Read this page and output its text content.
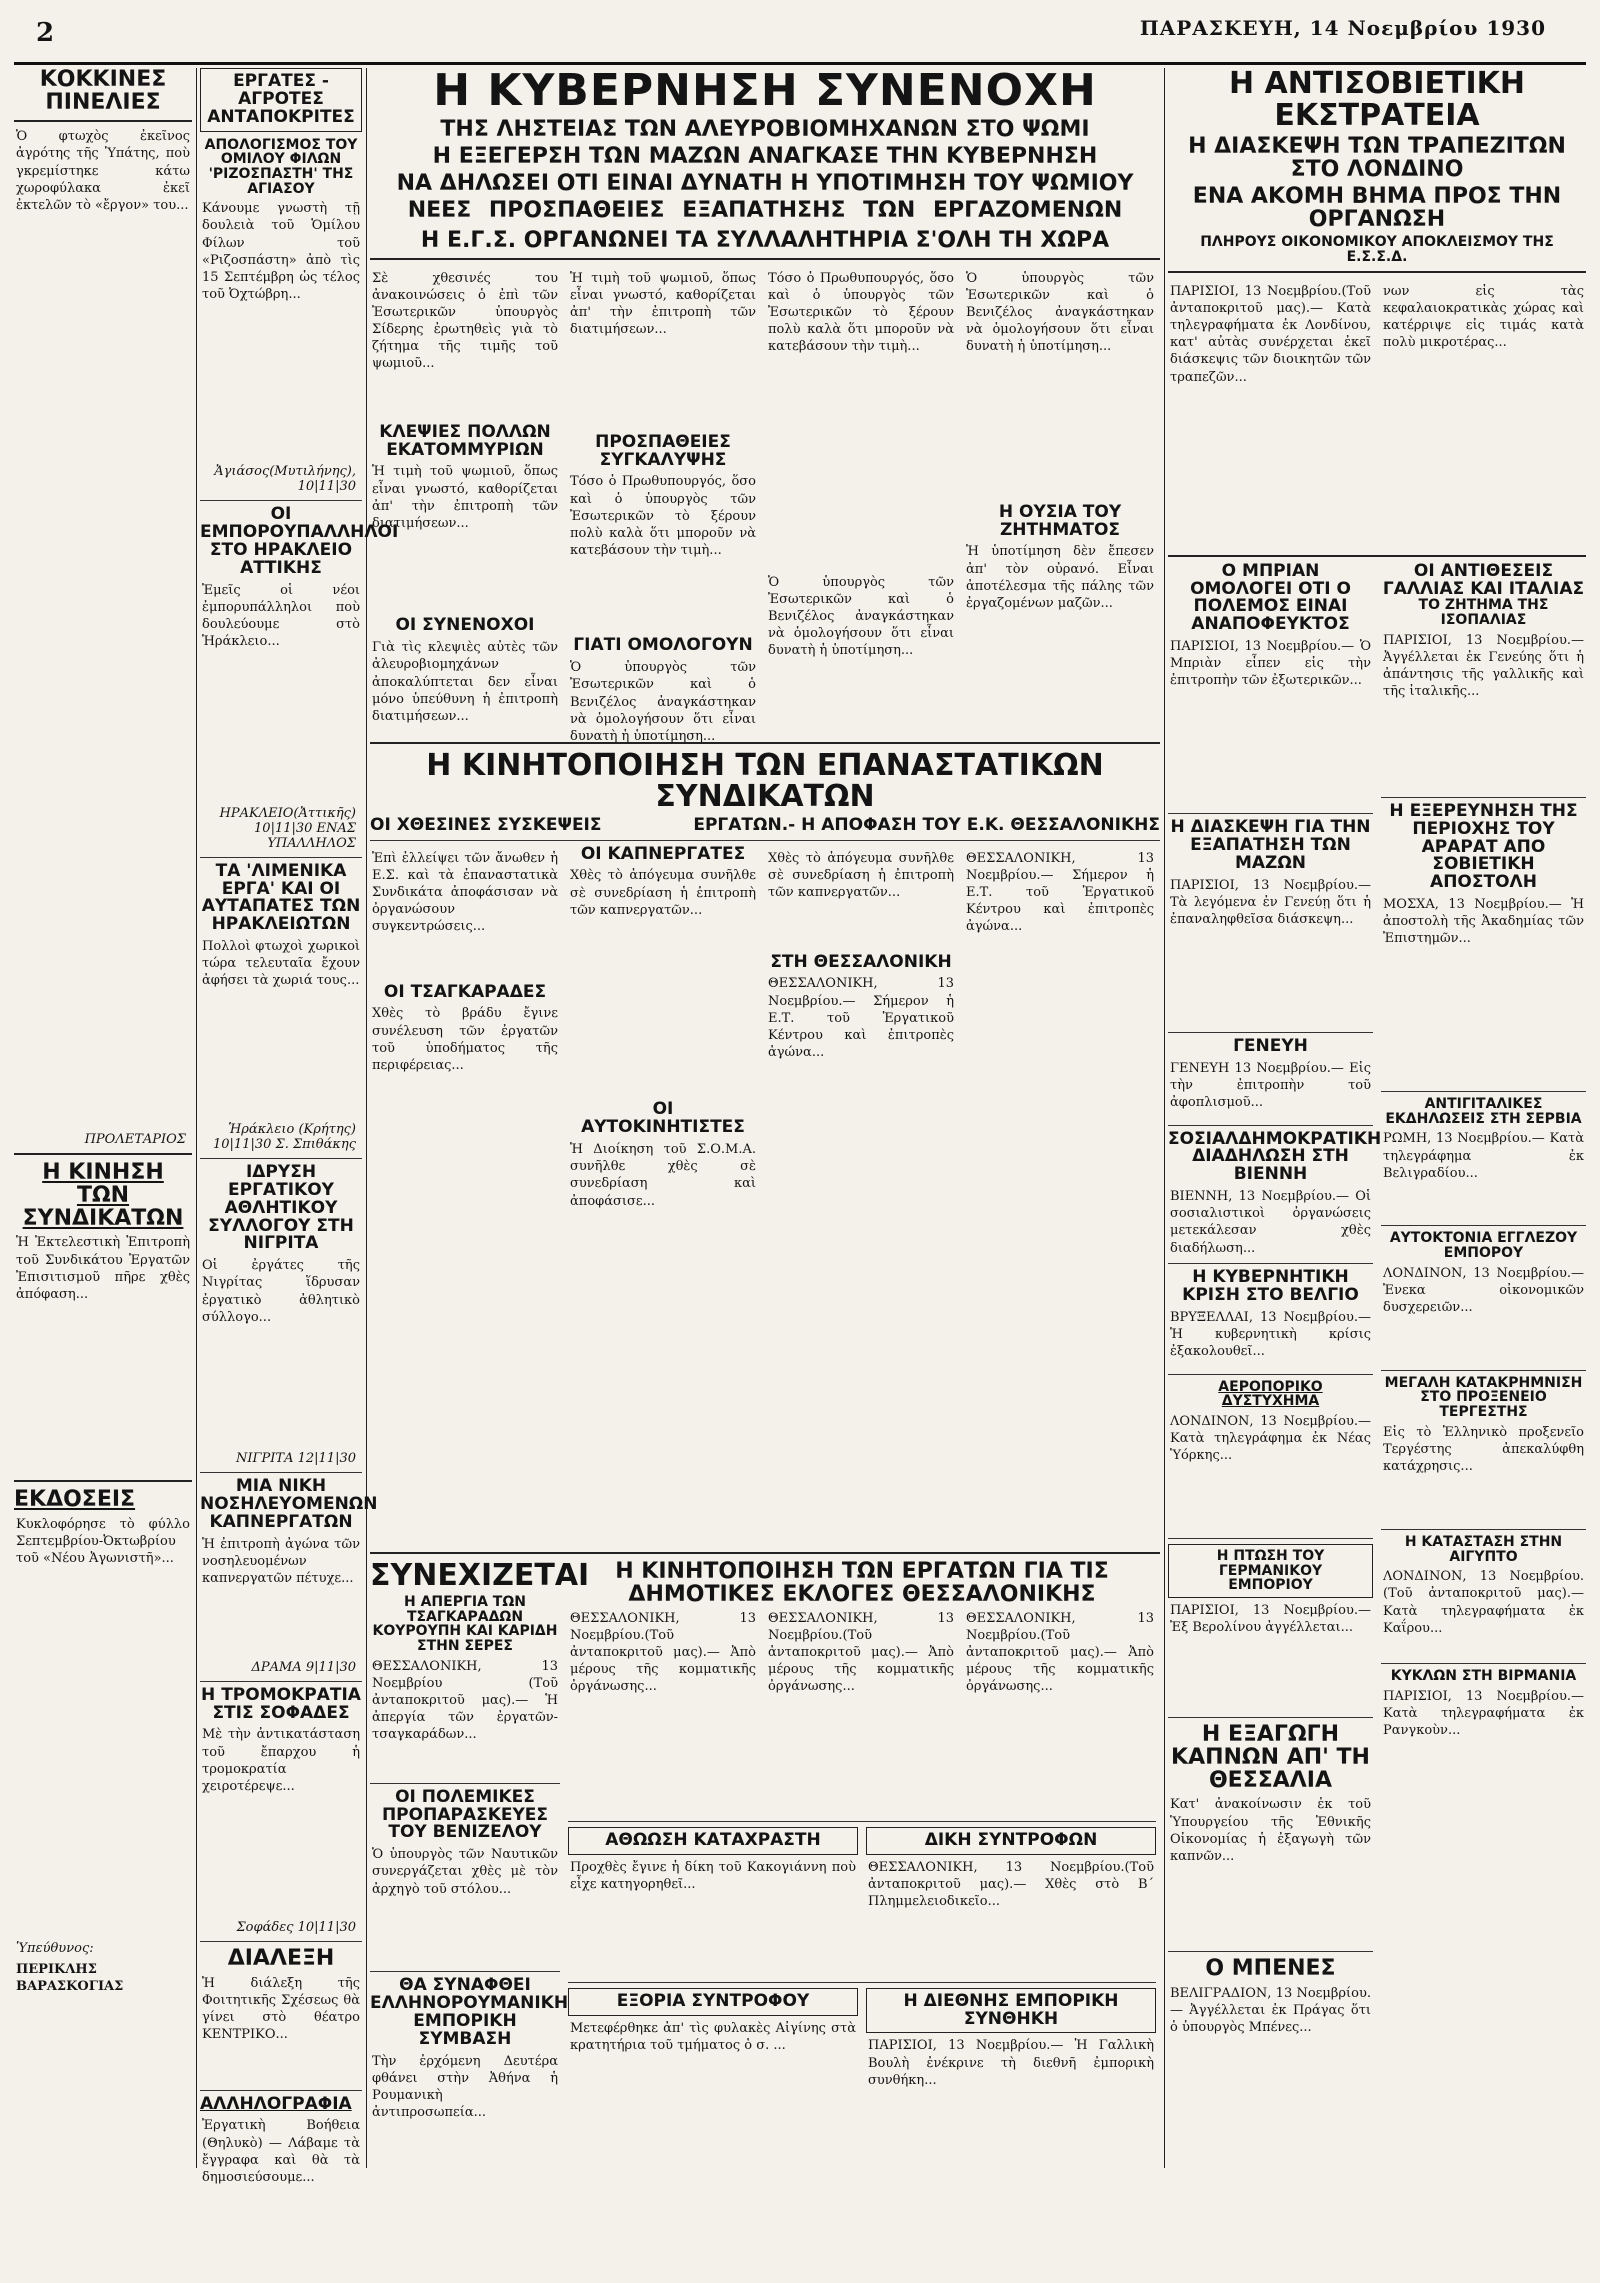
2	ΠΑΡΑΣΚΕΥΗ, 14 Νοεμβρίου 1930
ΚΟΚΚΙΝΕΣ ΠΙΝΕΛΙΕΣ

Ὁ φτωχὸς ἐκεῖνος ἀγρότης τῆς Ὑπάτης, ποὺ γκρεμίστηκε κάτω χωροφύλακα ἐκεῖ ἐκτελῶν τὸ «ἔργον» του...

ΠΡΟΛΕΤΑΡΙΟΣ
Η ΚΙΝΗΣΗ ΤΩΝ ΣΥΝΔΙΚΑΤΩΝ

Ἡ Ἐκτελεστικὴ Ἐπιτροπὴ τοῦ Συνδικάτου Ἐργατῶν Ἐπισιτισμοῦ πῆρε χθὲς ἀπόφαση...

ΕΚΔΟΣΕΙΣ

Κυκλοφόρησε τὸ φύλλο Σεπτεμβρίου-Ὀκτωβρίου τοῦ «Νέου Ἀγωνιστῆ»...

Ὑπεύθυνος:
ΠΕΡΙΚΛΗΣ ΒΑΡΑΣΚΟΓΙΑΣ
ΕΡΓΑΤΕΣ - ΑΓΡΟΤΕΣ ΑΝΤΑΠΟΚΡΙΤΕΣ
ΑΠΟΛΟΓΙΣΜΟΣ ΤΟΥ ΟΜΙΛΟΥ ΦΙΛΩΝ 'ΡΙΖΟΣΠΑΣΤΗ' ΤΗΣ ΑΓΙΑΣΟΥ

Κάνουμε γνωστὴ τῇ δουλειὰ τοῦ Ὁμίλου Φίλων τοῦ «Ριζοσπάστη» ἀπὸ τὶς 15 Σεπτέμβρη ὡς τέλος τοῦ Ὀχτώβρη...

Ἀγιάσος(Μυτιλήνης), 10|11|30
ΟΙ ΕΜΠΟΡΟΥΠΑΛΛΗΛΟΙ ΣΤΟ ΗΡΑΚΛΕΙΟ ΑΤΤΙΚΗΣ

Ἐμεῖς οἱ νέοι ἐμπορυπάλληλοι ποὺ δουλεύουμε στὸ Ἡράκλειο...

ΗΡΑΚΛΕΙΟ(Ἀττικῆς) 10|11|30 ΕΝΑΣ ΥΠΑΛΛΗΛΟΣ
ΤΑ 'ΛΙΜΕΝΙΚΑ ΕΡΓΑ' ΚΑΙ ΟΙ ΑΥΤΑΠΑΤΕΣ ΤΩΝ ΗΡΑΚΛΕΙΩΤΩΝ

Πολλοὶ φτωχοὶ χωρικοὶ τώρα τελευταῖα ἔχουν ἀφήσει τὰ χωριά τους...

Ἡράκλειο (Κρήτης) 10|11|30 Σ. Σπιθάκης
ΙΔΡΥΣΗ ΕΡΓΑΤΙΚΟΥ ΑΘΛΗΤΙΚΟΥ ΣΥΛΛΟΓΟΥ ΣΤΗ ΝΙΓΡΙΤΑ

Οἱ ἐργάτες τῆς Νιγρίτας ἵδρυσαν ἐργατικὸ ἀθλητικὸ σύλλογο...

ΝΙΓΡΙΤΑ 12|11|30
ΜΙΑ ΝΙΚΗ ΝΟΣΗΛΕΥΟΜΕΝΩΝ ΚΑΠΝΕΡΓΑΤΩΝ

Ἡ ἐπιτροπὴ ἀγώνα τῶν νοσηλευομένων καπνεργατῶν πέτυχε...

ΔΡΑΜΑ 9|11|30
Η ΤΡΟΜΟΚΡΑΤΙΑ ΣΤΙΣ ΣΟΦΑΔΕΣ

Μὲ τὴν ἀντικατάσταση τοῦ ἔπαρχου ἡ τρομοκρατία χειροτέρεψε...

Σοφάδες 10|11|30
ΔΙΑΛΕΞΗ

Ἡ διάλεξη τῆς Φοιτητικῆς Σχέσεως θὰ γίνει στὸ θέατρο ΚΕΝΤΡΙΚΟ...

ΑΛΛΗΛΟΓΡΑΦΙΑ

Ἐργατικὴ Βοήθεια (Θηλυκὸ) — Λάβαμε τὰ ἔγγραφα καὶ θὰ τὰ δημοσιεύσουμε...

Η ΚΥΒΕΡΝΗΣΗ ΣΥΝΕΝΟΧΗ
ΤΗΣ ΛΗΣΤΕΙΑΣ ΤΩΝ ΑΛΕΥΡΟΒΙΟΜΗΧΑΝΩΝ ΣΤΟ ΨΩΜΙ
Η ΕΞΕΓΕΡΣΗ ΤΩΝ ΜΑΖΩΝ ΑΝΑΓΚΑΣΕ ΤΗΝ ΚΥΒΕΡΝΗΣΗ
ΝΑ ΔΗΛΩΣΕΙ ΟΤΙ ΕΙΝΑΙ ΔΥΝΑΤΗ Η ΥΠΟΤΙΜΗΣΗ ΤΟΥ ΨΩΜΙΟΥ
ΝΕΕΣ ΠΡΟΣΠΑΘΕΙΕΣ ΕΞΑΠΑΤΗΣΗΣ ΤΩΝ ΕΡΓΑΖΟΜΕΝΩΝ
Η Ε.Γ.Σ. ΟΡΓΑΝΩΝΕΙ ΤΑ ΣΥΛΛΑΛΗΤΗΡΙΑ Σ'ΟΛΗ ΤΗ ΧΩΡΑ

Σὲ χθεσινές του ἀνακοινώσεις ὁ ἐπὶ τῶν Ἐσωτερικῶν ὑπουργὸς Σίδερης ἐρωτηθεὶς γιὰ τὸ ζήτημα τῆς τιμῆς τοῦ ψωμιοῦ...

ΚΛΕΨΙΕΣ ΠΟΛΛΩΝ ΕΚΑΤΟΜΜΥΡΙΩΝ

Ἡ τιμὴ τοῦ ψωμιοῦ, ὅπως εἶναι γνωστό, καθορίζεται ἀπ' τὴν ἐπιτροπὴ τῶν διατιμήσεων...

ΟΙ ΣΥΝΕΝΟΧΟΙ

Γιὰ τὶς κλεψιὲς αὐτὲς τῶν ἀλευροβιομηχάνων ἀποκαλύπτεται δεν εἶναι μόνο ὑπεύθυνη ἡ ἐπιτροπὴ διατιμήσεων...

Ἡ τιμὴ τοῦ ψωμιοῦ, ὅπως εἶναι γνωστό, καθορίζεται ἀπ' τὴν ἐπιτροπὴ τῶν διατιμήσεων...

ΠΡΟΣΠΑΘΕΙΕΣ ΣΥΓΚΑΛΥΨΗΣ

Τόσο ὁ Πρωθυπουργός, ὅσο καὶ ὁ ὑπουργὸς τῶν Ἐσωτερικῶν τὸ ξέρουν πολὺ καλὰ ὅτι μποροῦν νὰ κατεβάσουν τὴν τιμὴ...

ΓΙΑΤΙ ΟΜΟΛΟΓΟΥΝ

Ὁ ὑπουργὸς τῶν Ἐσωτερικῶν καὶ ὁ Βενιζέλος ἀναγκάστηκαν νὰ ὁμολογήσουν ὅτι εἶναι δυνατὴ ἡ ὑποτίμηση...

Τόσο ὁ Πρωθυπουργός, ὅσο καὶ ὁ ὑπουργὸς τῶν Ἐσωτερικῶν τὸ ξέρουν πολὺ καλὰ ὅτι μποροῦν νὰ κατεβάσουν τὴν τιμὴ...

Ὁ ὑπουργὸς τῶν Ἐσωτερικῶν καὶ ὁ Βενιζέλος ἀναγκάστηκαν νὰ ὁμολογήσουν ὅτι εἶναι δυνατὴ ἡ ὑποτίμηση...

Ὁ ὑπουργὸς τῶν Ἐσωτερικῶν καὶ ὁ Βενιζέλος ἀναγκάστηκαν νὰ ὁμολογήσουν ὅτι εἶναι δυνατὴ ἡ ὑποτίμηση...

Η ΟΥΣΙΑ ΤΟΥ ΖΗΤΗΜΑΤΟΣ

Ἡ ὑποτίμηση δὲν ἔπεσεν ἀπ' τὸν οὐρανό. Εἶναι ἀποτέλεσμα τῆς πάλης τῶν ἐργαζομένων μαζῶν...

Η ΚΙΝΗΤΟΠΟΙΗΣΗ ΤΩΝ ΕΠΑΝΑΣΤΑΤΙΚΩΝ ΣΥΝΔΙΚΑΤΩΝ
ΟΙ ΧΘΕΣΙΝΕΣ ΣΥΣΚΕΨΕΙΣ	ΕΡΓΑΤΩΝ.- Η ΑΠΟΦΑΣΗ ΤΟΥ Ε.Κ. ΘΕΣΣΑΛΟΝΙΚΗΣ

Ἐπὶ ἐλλείψει τῶν ἄνωθεν ἡ Ε.Σ. καὶ τὰ ἐπαναστατικὰ Συνδικάτα ἀποφάσισαν νὰ ὀργανώσουν συγκεντρώσεις...

ΟΙ ΤΣΑΓΚΑΡΑΔΕΣ

Χθὲς τὸ βράδυ ἔγινε συνέλευση τῶν ἐργατῶν τοῦ ὑποδήματος τῆς περιφέρειας...

ΟΙ ΚΑΠΝΕΡΓΑΤΕΣ

Χθὲς τὸ ἀπόγευμα συνῆλθε σὲ συνεδρίαση ἡ ἐπιτροπὴ τῶν καπνεργατῶν...

ΟΙ ΑΥΤΟΚΙΝΗΤΙΣΤΕΣ

Ἡ Διοίκηση τοῦ Σ.Ο.Μ.Α. συνῆλθε χθὲς σὲ συνεδρίαση καὶ ἀποφάσισε...

Χθὲς τὸ ἀπόγευμα συνῆλθε σὲ συνεδρίαση ἡ ἐπιτροπὴ τῶν καπνεργατῶν...

ΣΤΗ ΘΕΣΣΑΛΟΝΙΚΗ

ΘΕΣΣΑΛΟΝΙΚΗ, 13 Νοεμβρίου.— Σήμερον ἡ Ε.Τ. τοῦ Ἐργατικοῦ Κέντρου καὶ ἐπιτροπὲς ἀγώνα...

ΘΕΣΣΑΛΟΝΙΚΗ, 13 Νοεμβρίου.— Σήμερον ἡ Ε.Τ. τοῦ Ἐργατικοῦ Κέντρου καὶ ἐπιτροπὲς ἀγώνα...

ΣΥΝΕΧΙΖΕΤΑΙ
Η ΑΠΕΡΓΙΑ ΤΩΝ ΤΣΑΓΚΑΡΑΔΩΝ ΚΟΥΡΟΥΠΗ ΚΑΙ ΚΑΡΙΔΗ ΣΤΗΝ ΣΕΡΕΣ

ΘΕΣΣΑΛΟΝΙΚΗ, 13 Νοεμβρίου (Τοῦ ἀνταποκριτοῦ μας).— Ἡ ἀπεργία τῶν ἐργατῶν-τσαγκαράδων...

ΟΙ ΠΟΛΕΜΙΚΕΣ ΠΡΟΠΑΡΑΣΚΕΥΕΣ ΤΟΥ ΒΕΝΙΖΕΛΟΥ

Ὁ ὑπουργὸς τῶν Ναυτικῶν συνεργάζεται χθὲς μὲ τὸν ἀρχηγὸ τοῦ στόλου...

ΘΑ ΣΥΝΑΦΘΕΙ ΕΛΛΗΝΟΡΟΥΜΑΝΙΚΗ ΕΜΠΟΡΙΚΗ ΣΥΜΒΑΣΗ

Τὴν ἐρχόμενη Δευτέρα φθάνει στὴν Ἀθήνα ἡ Ρουμανικὴ ἀντιπροσωπεία...

Η ΚΙΝΗΤΟΠΟΙΗΣΗ ΤΩΝ ΕΡΓΑΤΩΝ ΓΙΑ ΤΙΣ ΔΗΜΟΤΙΚΕΣ ΕΚΛΟΓΕΣ ΘΕΣΣΑΛΟΝΙΚΗΣ

ΘΕΣΣΑΛΟΝΙΚΗ, 13 Νοεμβρίου.(Τοῦ ἀνταποκριτοῦ μας).— Ἀπὸ μέρους τῆς κομματικῆς ὀργάνωσης...

ΘΕΣΣΑΛΟΝΙΚΗ, 13 Νοεμβρίου.(Τοῦ ἀνταποκριτοῦ μας).— Ἀπὸ μέρους τῆς κομματικῆς ὀργάνωσης...

ΘΕΣΣΑΛΟΝΙΚΗ, 13 Νοεμβρίου.(Τοῦ ἀνταποκριτοῦ μας).— Ἀπὸ μέρους τῆς κομματικῆς ὀργάνωσης...

ΑΘΩΩΣΗ ΚΑΤΑΧΡΑΣΤΗ

Προχθὲς ἔγινε ἡ δίκη τοῦ Κακογιάννη ποὺ εἶχε κατηγορηθεῖ...

ΔΙΚΗ ΣΥΝΤΡΟΦΩΝ

ΘΕΣΣΑΛΟΝΙΚΗ, 13 Νοεμβρίου.(Τοῦ ἀνταποκριτοῦ μας).— Χθὲς στὸ Β΄ Πλημμελειοδικεῖο...

ΕΞΟΡΙΑ ΣΥΝΤΡΟΦΟΥ

Μετεφέρθηκε ἀπ' τὶς φυλακὲς Αἰγίνης στὰ κρατητήρια τοῦ τμήματος ὁ σ. ...

Η ΔΙΕΘΝΗΣ ΕΜΠΟΡΙΚΗ ΣΥΝΘΗΚΗ

ΠΑΡΙΣΙΟΙ, 13 Νοεμβρίου.— Ἡ Γαλλικὴ Βουλὴ ἐνέκρινε τὴ διεθνῆ ἐμπορικὴ συνθήκη...

Η ΑΝΤΙΣΟΒΙΕΤΙΚΗ ΕΚΣΤΡΑΤΕΙΑ
Η ΔΙΑΣΚΕΨΗ ΤΩΝ ΤΡΑΠΕΖΙΤΩΝ ΣΤΟ ΛΟΝΔΙΝΟ
ΕΝΑ ΑΚΟΜΗ ΒΗΜΑ ΠΡΟΣ ΤΗΝ ΟΡΓΑΝΩΣΗ
ΠΛΗΡΟΥΣ ΟΙΚΟΝΟΜΙΚΟΥ ΑΠΟΚΛΕΙΣΜΟΥ ΤΗΣ Ε.Σ.Σ.Δ.

ΠΑΡΙΣΙΟΙ, 13 Νοεμβρίου.(Τοῦ ἀνταποκριτοῦ μας).— Κατὰ τηλεγραφήματα ἐκ Λονδίνου, κατ' αὐτὰς συνέρχεται ἐκεῖ διάσκεψις τῶν διοικητῶν τῶν τραπεζῶν...

νων εἰς τὰς κεφαλαιοκρατικὰς χώρας καὶ κατέρριψε εἰς τιμάς κατὰ πολὺ μικροτέρας...

Ο ΜΠΡΙΑΝ ΟΜΟΛΟΓΕΙ ΟΤΙ Ο ΠΟΛΕΜΟΣ ΕΙΝΑΙ ΑΝΑΠΟΦΕΥΚΤΟΣ

ΠΑΡΙΣΙΟΙ, 13 Νοεμβρίου.— Ὁ Μπριὰν εἶπεν εἰς τὴν ἐπιτροπὴν τῶν ἐξωτερικῶν...

Η ΔΙΑΣΚΕΨΗ ΓΙΑ ΤΗΝ ΕΞΑΠΑΤΗΣΗ ΤΩΝ ΜΑΖΩΝ

ΠΑΡΙΣΙΟΙ, 13 Νοεμβρίου.— Τὰ λεγόμενα ἐν Γενεύῃ ὅτι ἡ ἐπαναληφθεῖσα διάσκεψη...

ΓΕΝΕΥΗ

ΓΕΝΕΥΗ 13 Νοεμβρίου.— Εἰς τὴν ἐπιτροπὴν τοῦ ἀφοπλισμοῦ...

ΣΟΣΙΑΛΔΗΜΟΚΡΑΤΙΚΗ ΔΙΑΔΗΛΩΣΗ ΣΤΗ ΒΙΕΝΝΗ

ΒΙΕΝΝΗ, 13 Νοεμβρίου.— Οἱ σοσιαλιστικοὶ ὀργανώσεις μετεκάλεσαν χθὲς διαδήλωση...

Η ΚΥΒΕΡΝΗΤΙΚΗ ΚΡΙΣΗ ΣΤΟ ΒΕΛΓΙΟ

ΒΡΥΞΕΛΛΑΙ, 13 Νοεμβρίου.— Ἡ κυβερνητικὴ κρίσις ἐξακολουθεῖ...

ΑΕΡΟΠΟΡΙΚΟ ΔΥΣΤΥΧΗΜΑ

ΛΟΝΔΙΝΟΝ, 13 Νοεμβρίου.— Κατὰ τηλεγράφημα ἐκ Νέας Ὑόρκης...

Η ΠΤΩΣΗ ΤΟΥ ΓΕΡΜΑΝΙΚΟΥ ΕΜΠΟΡΙΟΥ

ΠΑΡΙΣΙΟΙ, 13 Νοεμβρίου.— Ἐξ Βερολίνου ἀγγέλλεται...

Η ΕΞΑΓΩΓΗ ΚΑΠΝΩΝ ΑΠ' ΤΗ ΘΕΣΣΑΛΙΑ

Κατ' ἀνακοίνωσιν ἐκ τοῦ Ὑπουργείου τῆς Ἐθνικῆς Οἰκονομίας ἡ ἐξαγωγὴ τῶν καπνῶν...

Ο ΜΠΕΝΕΣ

ΒΕΛΙΓΡΑΔΙΟΝ, 13 Νοεμβρίου.— Ἀγγέλλεται ἐκ Πράγας ὅτι ὁ ὑπουργὸς Μπένες...

ΟΙ ΑΝΤΙΘΕΣΕΙΣ ΓΑΛΛΙΑΣ ΚΑΙ ΙΤΑΛΙΑΣ
ΤΟ ΖΗΤΗΜΑ ΤΗΣ ΙΣΟΠΑΛΙΑΣ

ΠΑΡΙΣΙΟΙ, 13 Νοεμβρίου.— Ἀγγέλλεται ἐκ Γενεύης ὅτι ἡ ἀπάντησις τῆς γαλλικῆς καὶ τῆς ἰταλικῆς...

Η ΕΞΕΡΕΥΝΗΣΗ ΤΗΣ ΠΕΡΙΟΧΗΣ ΤΟΥ ΑΡΑΡΑΤ ΑΠΟ ΣΟΒΙΕΤΙΚΗ ΑΠΟΣΤΟΛΗ

ΜΟΣΧΑ, 13 Νοεμβρίου.— Ἡ ἀποστολὴ τῆς Ἀκαδημίας τῶν Ἐπιστημῶν...

ΑΝΤΙΓΙΤΑΛΙΚΕΣ ΕΚΔΗΛΩΣΕΙΣ ΣΤΗ ΣΕΡΒΙΑ

ΡΩΜΗ, 13 Νοεμβρίου.— Κατὰ τηλεγράφημα ἐκ Βελιγραδίου...

ΑΥΤΟΚΤΟΝΙΑ ΕΓΓΛΕΖΟΥ ΕΜΠΟΡΟΥ

ΛΟΝΔΙΝΟΝ, 13 Νοεμβρίου.— Ἐνεκα οἰκονομικῶν δυσχερειῶν...

ΜΕΓΑΛΗ ΚΑΤΑΚΡΗΜΝΙΣΗ ΣΤΟ ΠΡΟΞΕΝΕΙΟ ΤΕΡΓΕΣΤΗΣ

Εἰς τὸ Ἑλληνικὸ προξενεῖο Τεργέστης ἀπεκαλύφθη κατάχρησις...

Η ΚΑΤΑΣΤΑΣΗ ΣΤΗΝ ΑΙΓΥΠΤΟ

ΛΟΝΔΙΝΟΝ, 13 Νοεμβρίου.(Τοῦ ἀνταποκριτοῦ μας).— Κατὰ τηλεγραφήματα ἐκ Καΐρου...

ΚΥΚΛΩΝ ΣΤΗ ΒΙΡΜΑΝΙΑ

ΠΑΡΙΣΙΟΙ, 13 Νοεμβρίου.— Κατὰ τηλεγραφήματα ἐκ Ρανγκοὺν...
